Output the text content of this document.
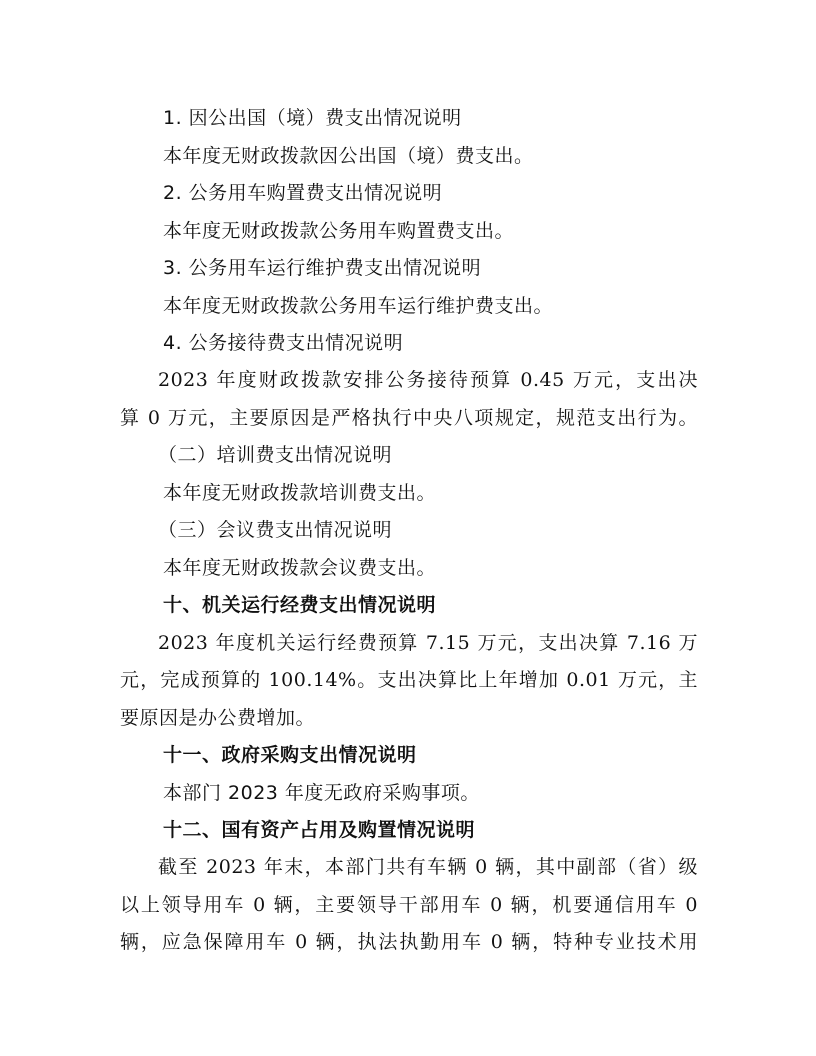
1. 因公出国（境）费支出情况说明
本年度无财政拨款因公出国（境）费支出。
2. 公务用车购置费支出情况说明
本年度无财政拨款公务用车购置费支出。
3. 公务用车运行维护费支出情况说明
本年度无财政拨款公务用车运行维护费支出。
4. 公务接待费支出情况说明
2023 年度财政拨款安排公务接待预算 0.45 万元，支出决
算 0 万元，主要原因是严格执行中央八项规定，规范支出行为。
（二）培训费支出情况说明
本年度无财政拨款培训费支出。
（三）会议费支出情况说明
本年度无财政拨款会议费支出。
十、机关运行经费支出情况说明
2023 年度机关运行经费预算 7.15 万元，支出决算 7.16 万
元，完成预算的 100.14%。支出决算比上年增加 0.01 万元，主
要原因是办公费增加。
十一、政府采购支出情况说明
本部门 2023 年度无政府采购事项。
十二、国有资产占用及购置情况说明
截至 2023 年末，本部门共有车辆 0 辆，其中副部（省）级
以上领导用车 0 辆，主要领导干部用车 0 辆，机要通信用车 0
辆，应急保障用车 0 辆，执法执勤用车 0 辆，特种专业技术用
